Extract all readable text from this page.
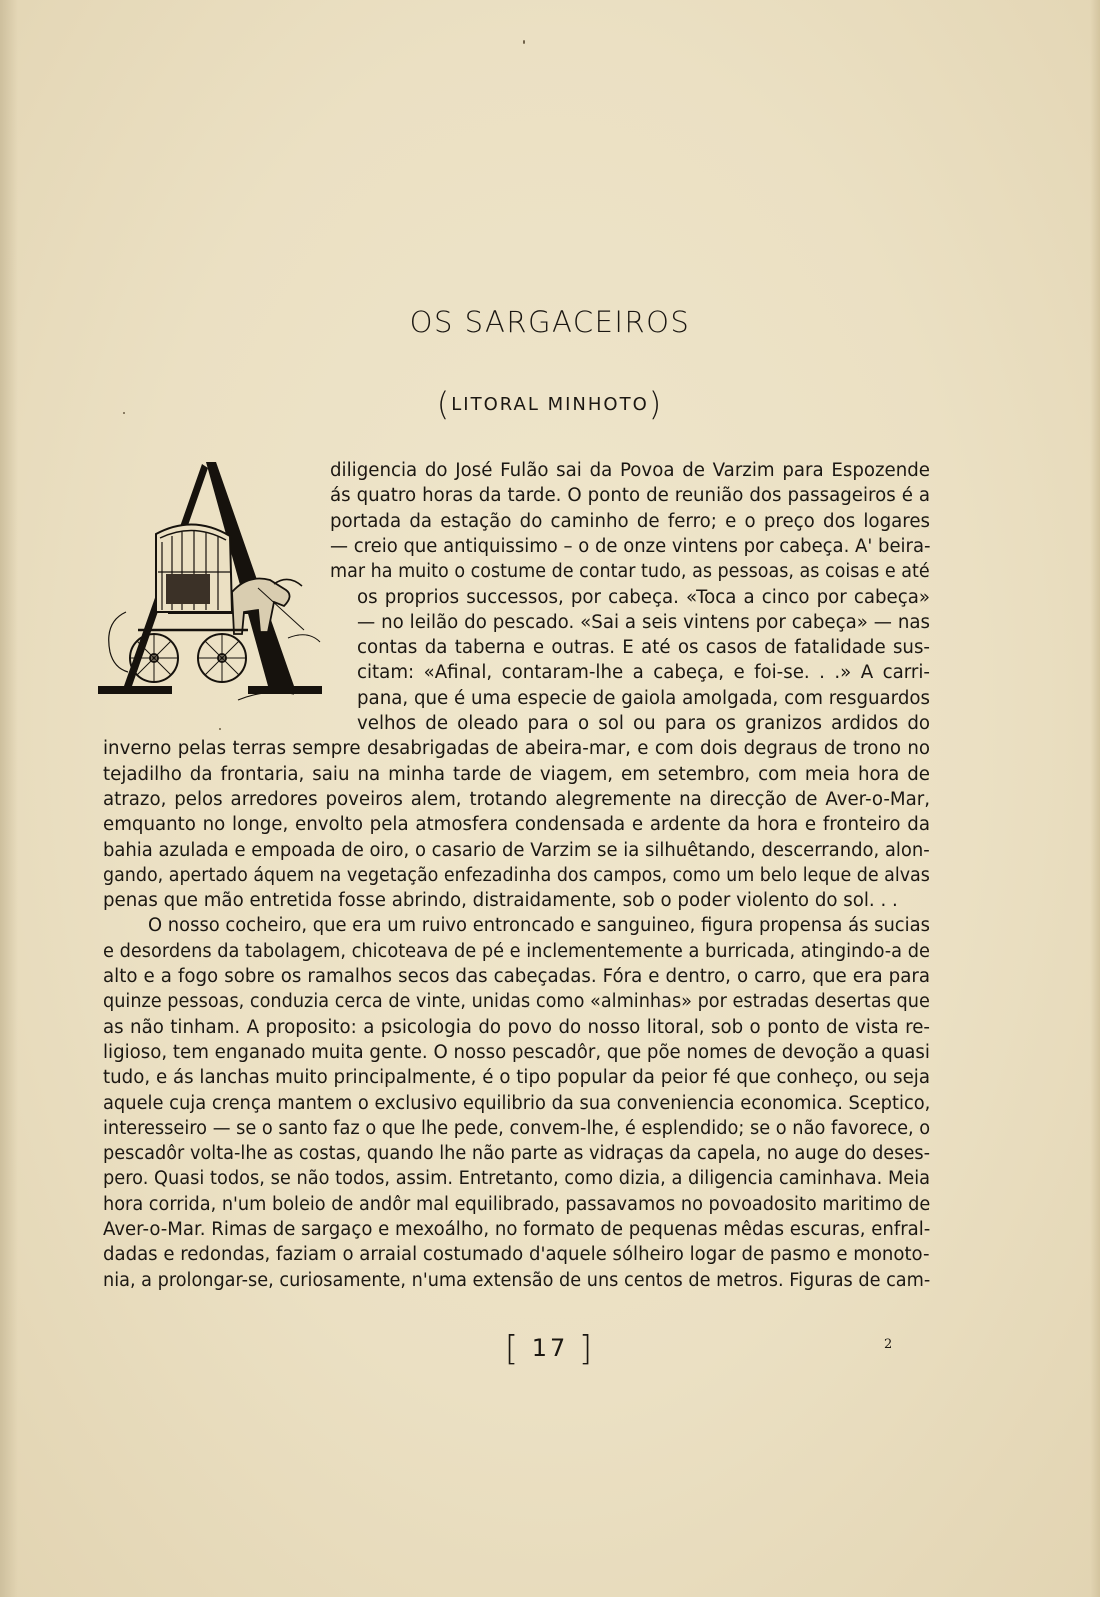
OS SARGACEIROS
(LITORAL MINHOTO)
diligencia do José Fulão sai da Povoa de Varzim para Espozende
ás quatro horas da tarde. O ponto de reunião dos passageiros é a
portada da estação do caminho de ferro; e o preço dos logares
— creio que antiquissimo – o de onze vintens por cabeça. A' beira-
mar ha muito o costume de contar tudo, as pessoas, as coisas e até
os proprios successos, por cabeça. «Toca a cinco por cabeça»
— no leilão do pescado. «Sai a seis vintens por cabeça» — nas
contas da taberna e outras. E até os casos de fatalidade sus-
citam: «Afinal, contaram-lhe a cabeça, e foi-se. . .» A carri-
pana, que é uma especie de gaiola amolgada, com resguardos
velhos de oleado para o sol ou para os granizos ardidos do
inverno pelas terras sempre desabrigadas de abeira-mar, e com dois degraus de trono no
tejadilho da frontaria, saiu na minha tarde de viagem, em setembro, com meia hora de
atrazo, pelos arredores poveiros alem, trotando alegremente na direcção de Aver-o-Mar,
emquanto no longe, envolto pela atmosfera condensada e ardente da hora e fronteiro da
bahia azulada e empoada de oiro, o casario de Varzim se ia silhuêtando, descerrando, alon-
gando, apertado áquem na vegetação enfezadinha dos campos, como um belo leque de alvas
penas que mão entretida fosse abrindo, distraidamente, sob o poder violento do sol. . .
O nosso cocheiro, que era um ruivo entroncado e sanguineo, figura propensa ás sucias
e desordens da tabolagem, chicoteava de pé e inclementemente a burricada, atingindo-a de
alto e a fogo sobre os ramalhos secos das cabeçadas. Fóra e dentro, o carro, que era para
quinze pessoas, conduzia cerca de vinte, unidas como «alminhas» por estradas desertas que
as não tinham. A proposito: a psicologia do povo do nosso litoral, sob o ponto de vista re-
ligioso, tem enganado muita gente. O nosso pescadôr, que põe nomes de devoção a quasi
tudo, e ás lanchas muito principalmente, é o tipo popular da peior fé que conheço, ou seja
aquele cuja crença mantem o exclusivo equilibrio da sua conveniencia economica. Sceptico,
interesseiro — se o santo faz o que lhe pede, convem-lhe, é esplendido; se o não favorece, o
pescadôr volta-lhe as costas, quando lhe não parte as vidraças da capela, no auge do deses-
pero. Quasi todos, se não todos, assim. Entretanto, como dizia, a diligencia caminhava. Meia
hora corrida, n'um boleio de andôr mal equilibrado, passavamos no povoadosito maritimo de
Aver-o-Mar. Rimas de sargaço e mexoálho, no formato de pequenas mêdas escuras, enfral-
dadas e redondas, faziam o arraial costumado d'aquele sólheiro logar de pasmo e monoto-
nia, a prolongar-se, curiosamente, n'uma extensão de uns centos de metros. Figuras de cam-
[ 17 ]	2
